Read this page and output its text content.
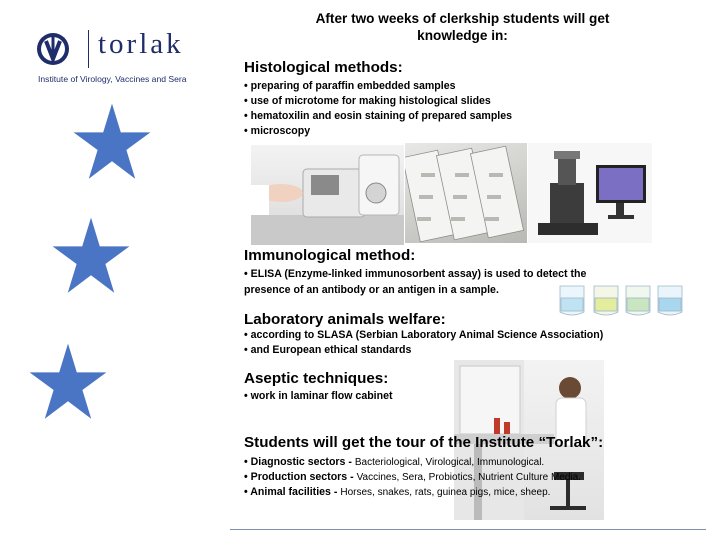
torlak
Institute of Virology, Vaccines and Sera
After two weeks of clerkship students will get
knowledge in:
Histological methods:
• preparing of paraffin embedded samples
• use of microtome for making histological slides
• hematoxilin and eosin staining of prepared samples
• microscopy
Immunological method:
• ELISA (Enzyme-linked immunosorbent assay) is used to detect the
presence of an antibody or an antigen in a sample.
Laboratory animals welfare:
• according to SLASA (Serbian Laboratory Animal Science Association)
• and European ethical standards
Aseptic techniques:
• work in laminar flow cabinet
Students will get the tour of the Institute “Torlak”:
• Diagnostic sectors - Bacteriological, Virological, Immunological.
• Production sectors - Vaccines, Sera, Probiotics, Nutrient Culture Media.
• Animal facilities - Horses, snakes, rats, guinea pigs, mice, sheep.
